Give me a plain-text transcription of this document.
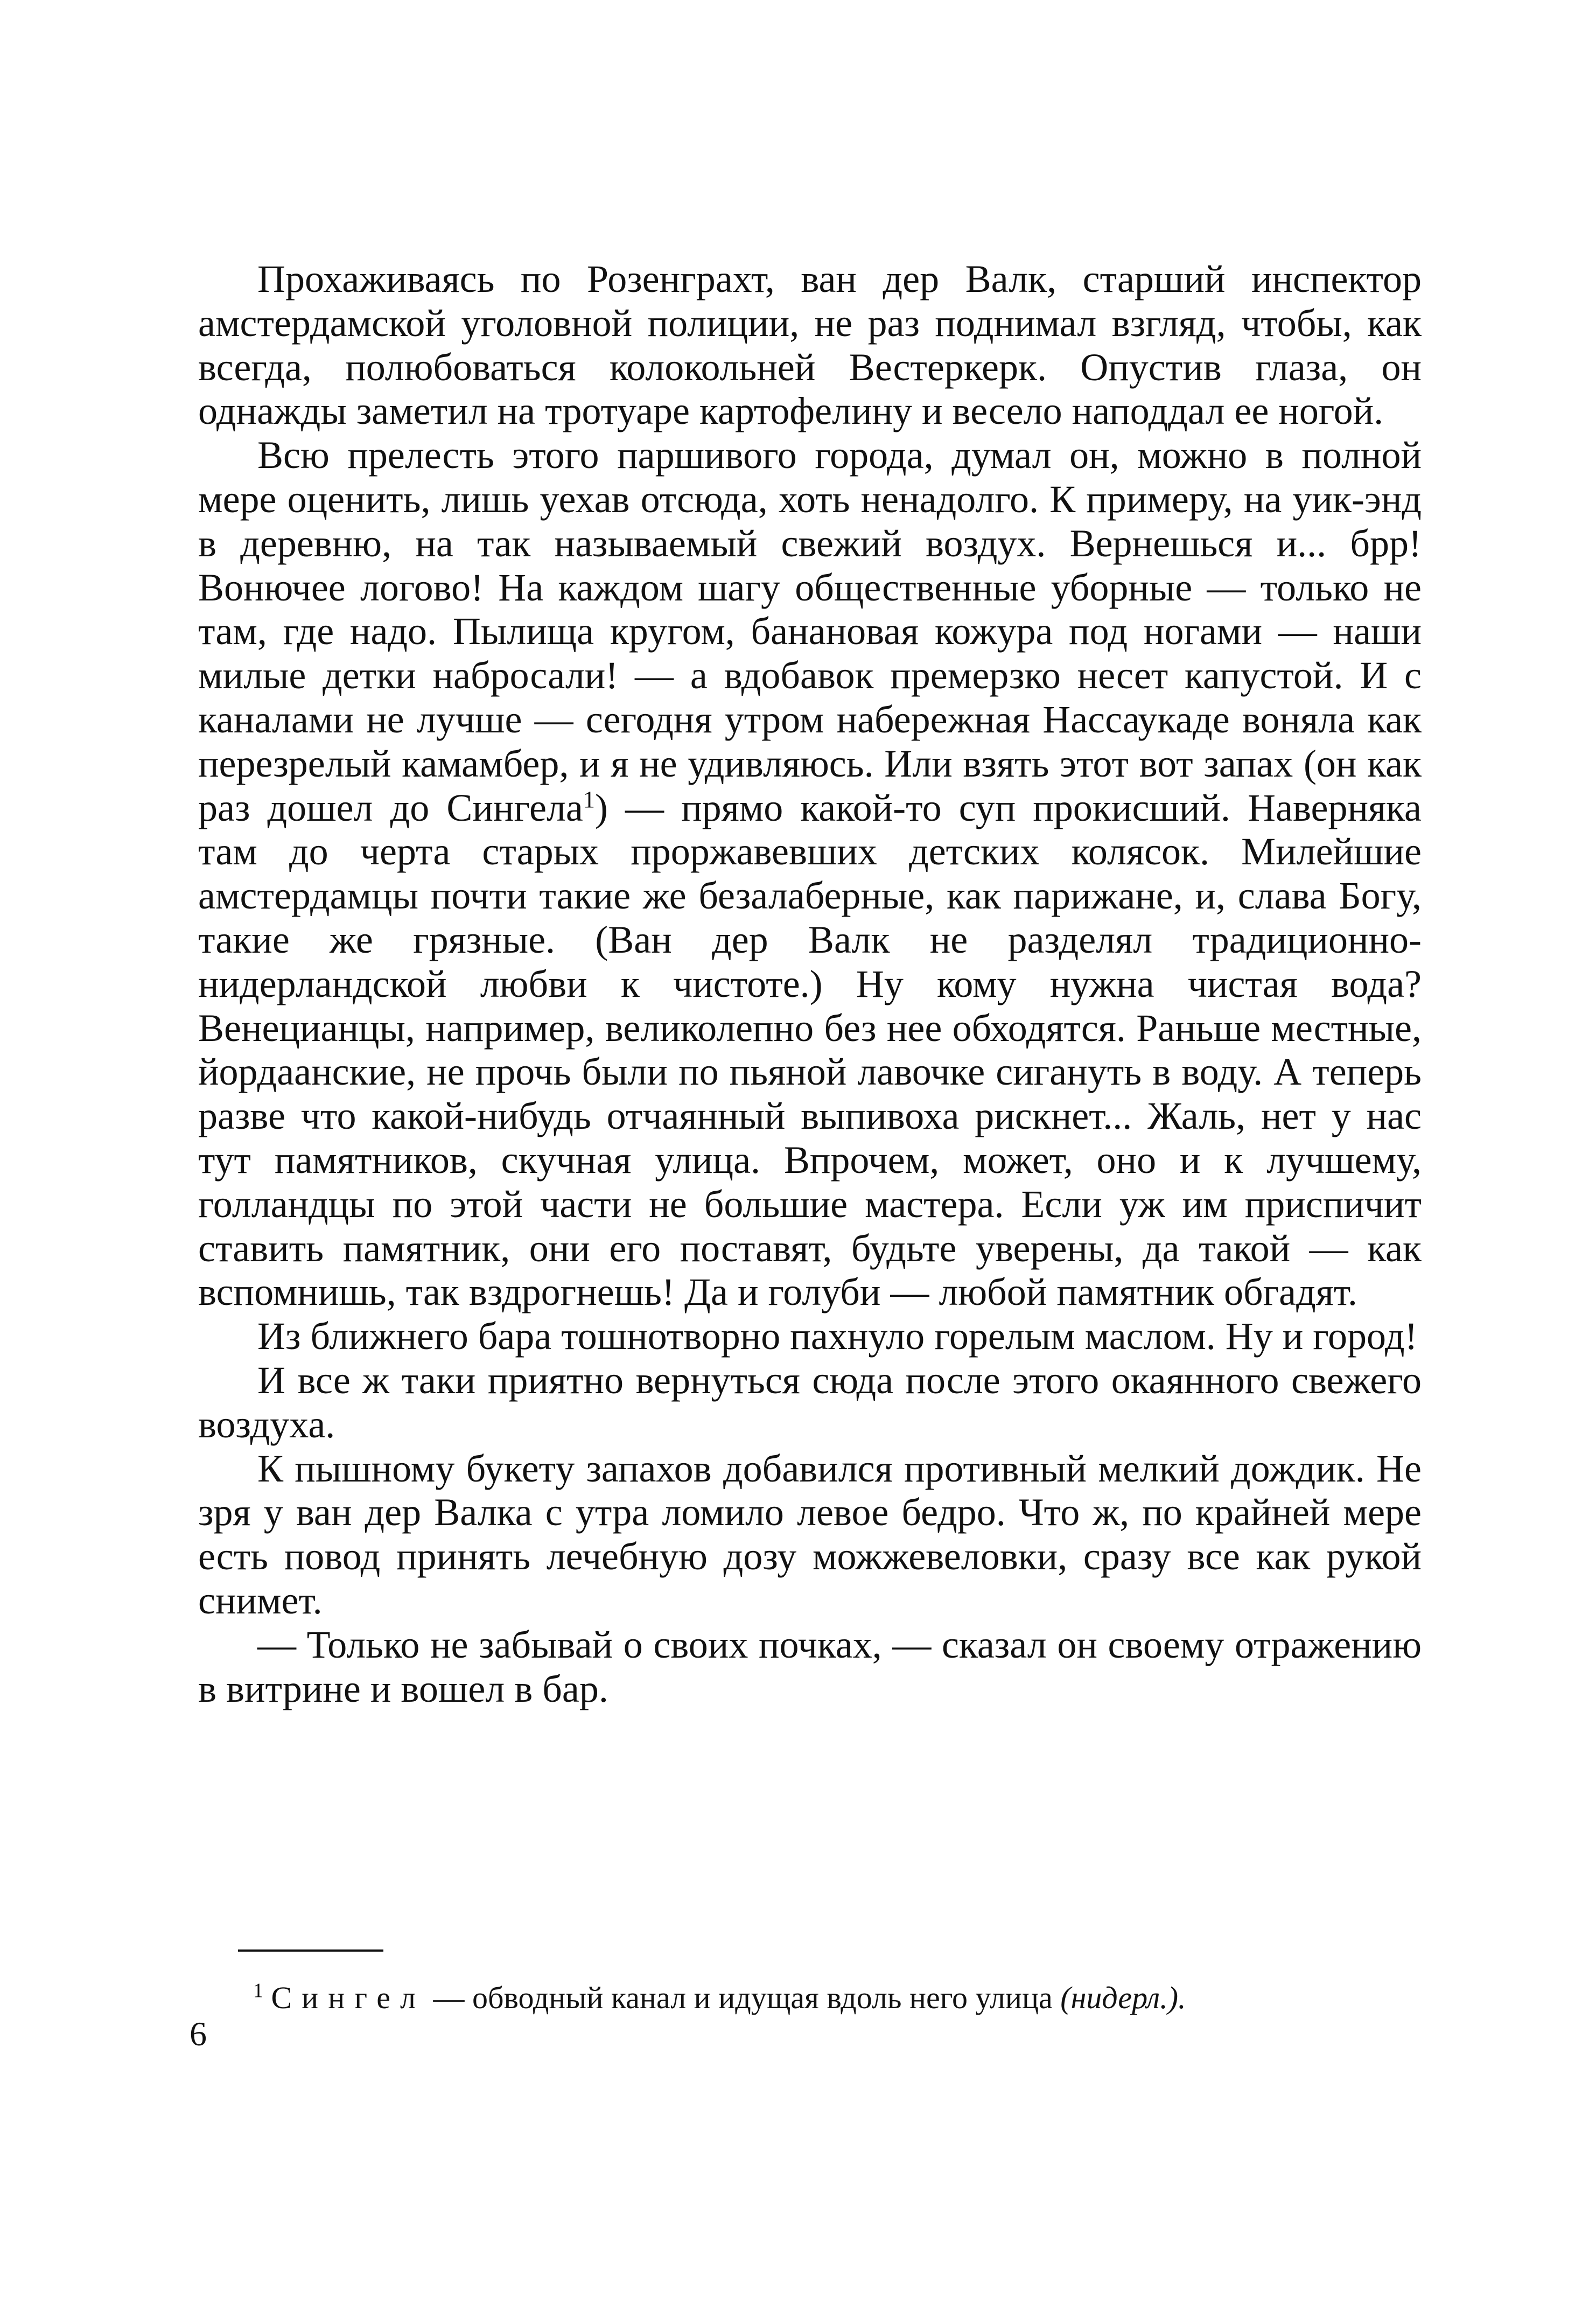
Прохаживаясь по Розенграхт, ван дер Валк, старший инспектор амстердамской уголовной полиции, не раз поднимал взгляд, чтобы, как всегда, полюбоваться колокольней Вестеркерк. Опустив глаза, он однажды заметил на тротуаре картофелину и весело наподдал ее ногой.

Всю прелесть этого паршивого города, думал он, можно в полной мере оценить, лишь уехав отсюда, хоть ненадолго. К примеру, на уик-энд в деревню, на так называемый свежий воздух. Вернешься и... брр! Вонючее логово! На каждом шагу общественные уборные — только не там, где надо. Пылища кругом, банановая кожура под ногами — наши милые детки набросали! — а вдобавок премерзко несет капустой. И с каналами не лучше — сегодня утром набережная Нассаукаде воняла как перезрелый камамбер, и я не удивляюсь. Или взять этот вот запах (он как раз дошел до Сингела$^1$) — прямо какой-то суп прокисший. Наверняка там до черта старых проржавевших детских колясок. Милейшие амстердамцы почти такие же безалаберные, как парижане, и, слава Богу, такие же грязные. (Ван дер Валк не разделял традиционно-нидерландской любви к чистоте.) Ну кому нужна чистая вода? Венецианцы, например, великолепно без нее обходятся. Раньше местные, йордаанские, не прочь были по пьяной лавочке сигануть в воду. А теперь разве что какой-нибудь отчаянный выпивоха рискнет... Жаль, нет у нас тут памятников, скучная улица. Впрочем, может, оно и к лучшему, голландцы по этой части не большие мастера. Если уж им приспичит ставить памятник, они его поставят, будьте уверены, да такой — как вспомнишь, так вздрогнешь! Да и голуби — любой памятник обгадят.

Из ближнего бара тошнотворно пахнуло горелым маслом. Ну и город!

И все ж таки приятно вернуться сюда после этого окаянного свежего воздуха.

К пышному букету запахов добавился противный мелкий дождик. Не зря у ван дер Валка с утра ломило левое бедро. Что ж, по крайней мере есть повод принять лечебную дозу можжевеловки, сразу все как рукой снимет.

— Только не забывай о своих почках, — сказал он своему отражению в витрине и вошел в бар.

$^1$ Сингел — обводный канал и идущая вдоль него улица (нидерл.).
6
